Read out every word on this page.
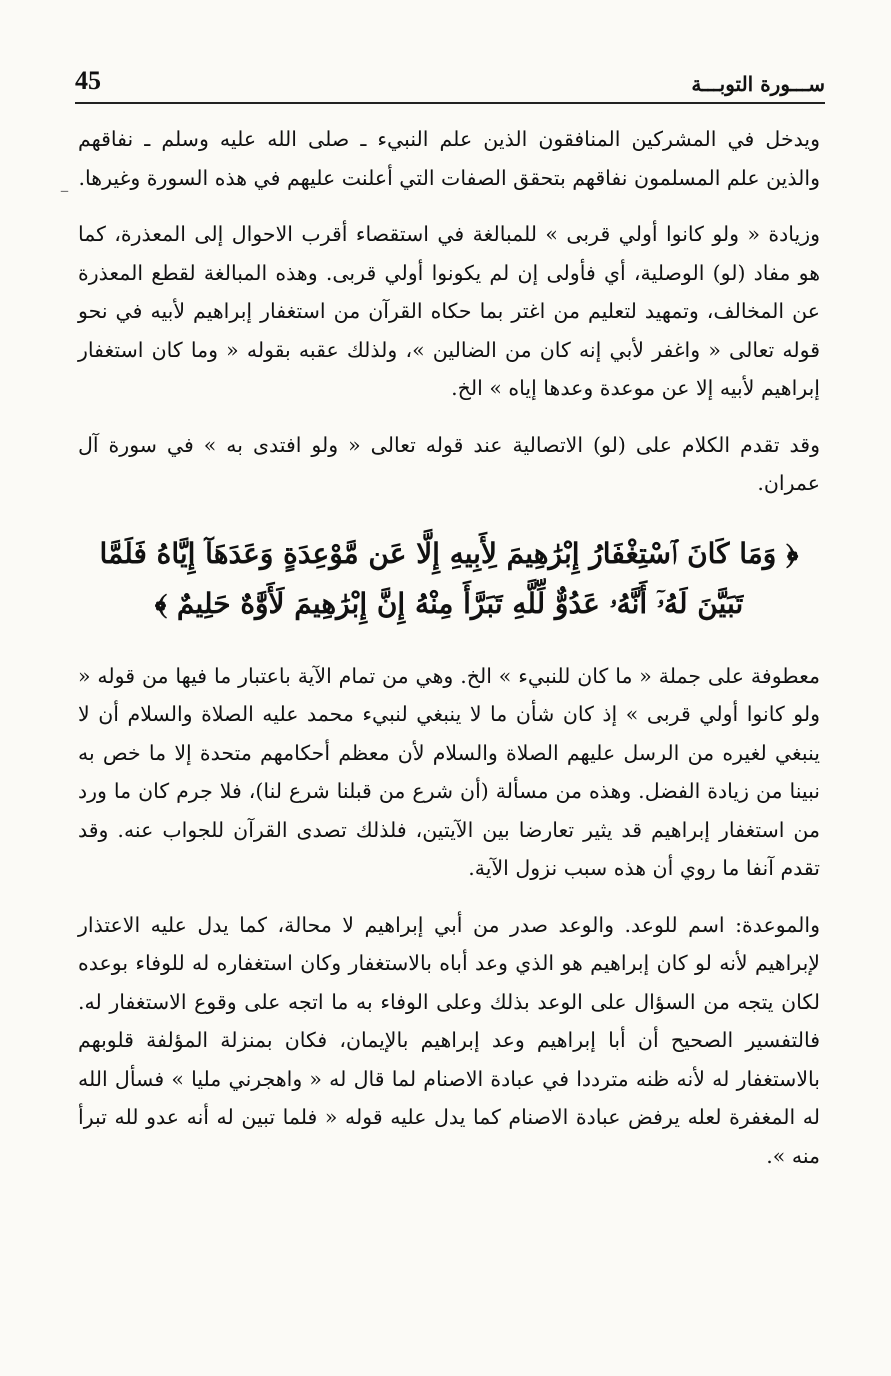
45	ســـورة التوبـــة
–

ويدخل في المشركين المنافقون الذين علم النبيء ـ صلى الله عليه وسلم ـ نفاقهم والذين علم المسلمون نفاقهم بتحقق الصفات التي أعلنت عليهم في هذه السورة وغيرها.

وزيادة « ولو كانوا أولي قربى » للمبالغة في استقصاء أقرب الاحوال إلى المعذرة، كما هو مفاد (لو) الوصلية، أي فأولى إن لم يكونوا أولي قربى. وهذه المبالغة لقطع المعذرة عن المخالف، وتمهيد لتعليم من اغتر بما حكاه القرآن من استغفار إبراهيم لأبيه في نحو قوله تعالى « واغفر لأبي إنه كان من الضالين »، ولذلك عقبه بقوله « وما كان استغفار إبراهيم لأبيه إلا عن موعدة وعدها إياه » الخ.

وقد تقدم الكلام على (لو) الاتصالية عند قوله تعالى « ولو افتدى به » في سورة آل عمران.

﴿ وَمَا كَانَ ٱسْتِغْفَارُ إِبْرَٰهِيمَ لِأَبِيهِ إِلَّا عَن مَّوْعِدَةٍ وَعَدَهَآ إِيَّاهُ فَلَمَّا تَبَيَّنَ لَهُۥٓ أَنَّهُۥ عَدُوٌّ لِّلَّهِ تَبَرَّأَ مِنْهُ إِنَّ إِبْرَٰهِيمَ لَأَوَّٰهٌ حَلِيمٌ ﴾

معطوفة على جملة « ما كان للنبيء » الخ. وهي من تمام الآية باعتبار ما فيها من قوله « ولو كانوا أولي قربى » إذ كان شأن ما لا ينبغي لنبيء محمد عليه الصلاة والسلام أن لا ينبغي لغيره من الرسل عليهم الصلاة والسلام لأن معظم أحكامهم متحدة إلا ما خص به نبينا من زيادة الفضل. وهذه من مسألة (أن شرع من قبلنا شرع لنا)، فلا جرم كان ما ورد من استغفار إبراهيم قد يثير تعارضا بين الآيتين، فلذلك تصدى القرآن للجواب عنه. وقد تقدم آنفا ما روي أن هذه سبب نزول الآية.

والموعدة: اسم للوعد. والوعد صدر من أبي إبراهيم لا محالة، كما يدل عليه الاعتذار لإبراهيم لأنه لو كان إبراهيم هو الذي وعد أباه بالاستغفار وكان استغفاره له للوفاء بوعده لكان يتجه من السؤال على الوعد بذلك وعلى الوفاء به ما اتجه على وقوع الاستغفار له. فالتفسير الصحيح أن أبا إبراهيم وعد إبراهيم بالإيمان، فكان بمنزلة المؤلفة قلوبهم بالاستغفار له لأنه ظنه مترددا في عبادة الاصنام لما قال له « واهجرني مليا » فسأل الله له المغفرة لعله يرفض عبادة الاصنام كما يدل عليه قوله « فلما تبين له أنه عدو لله تبرأ منه ».
